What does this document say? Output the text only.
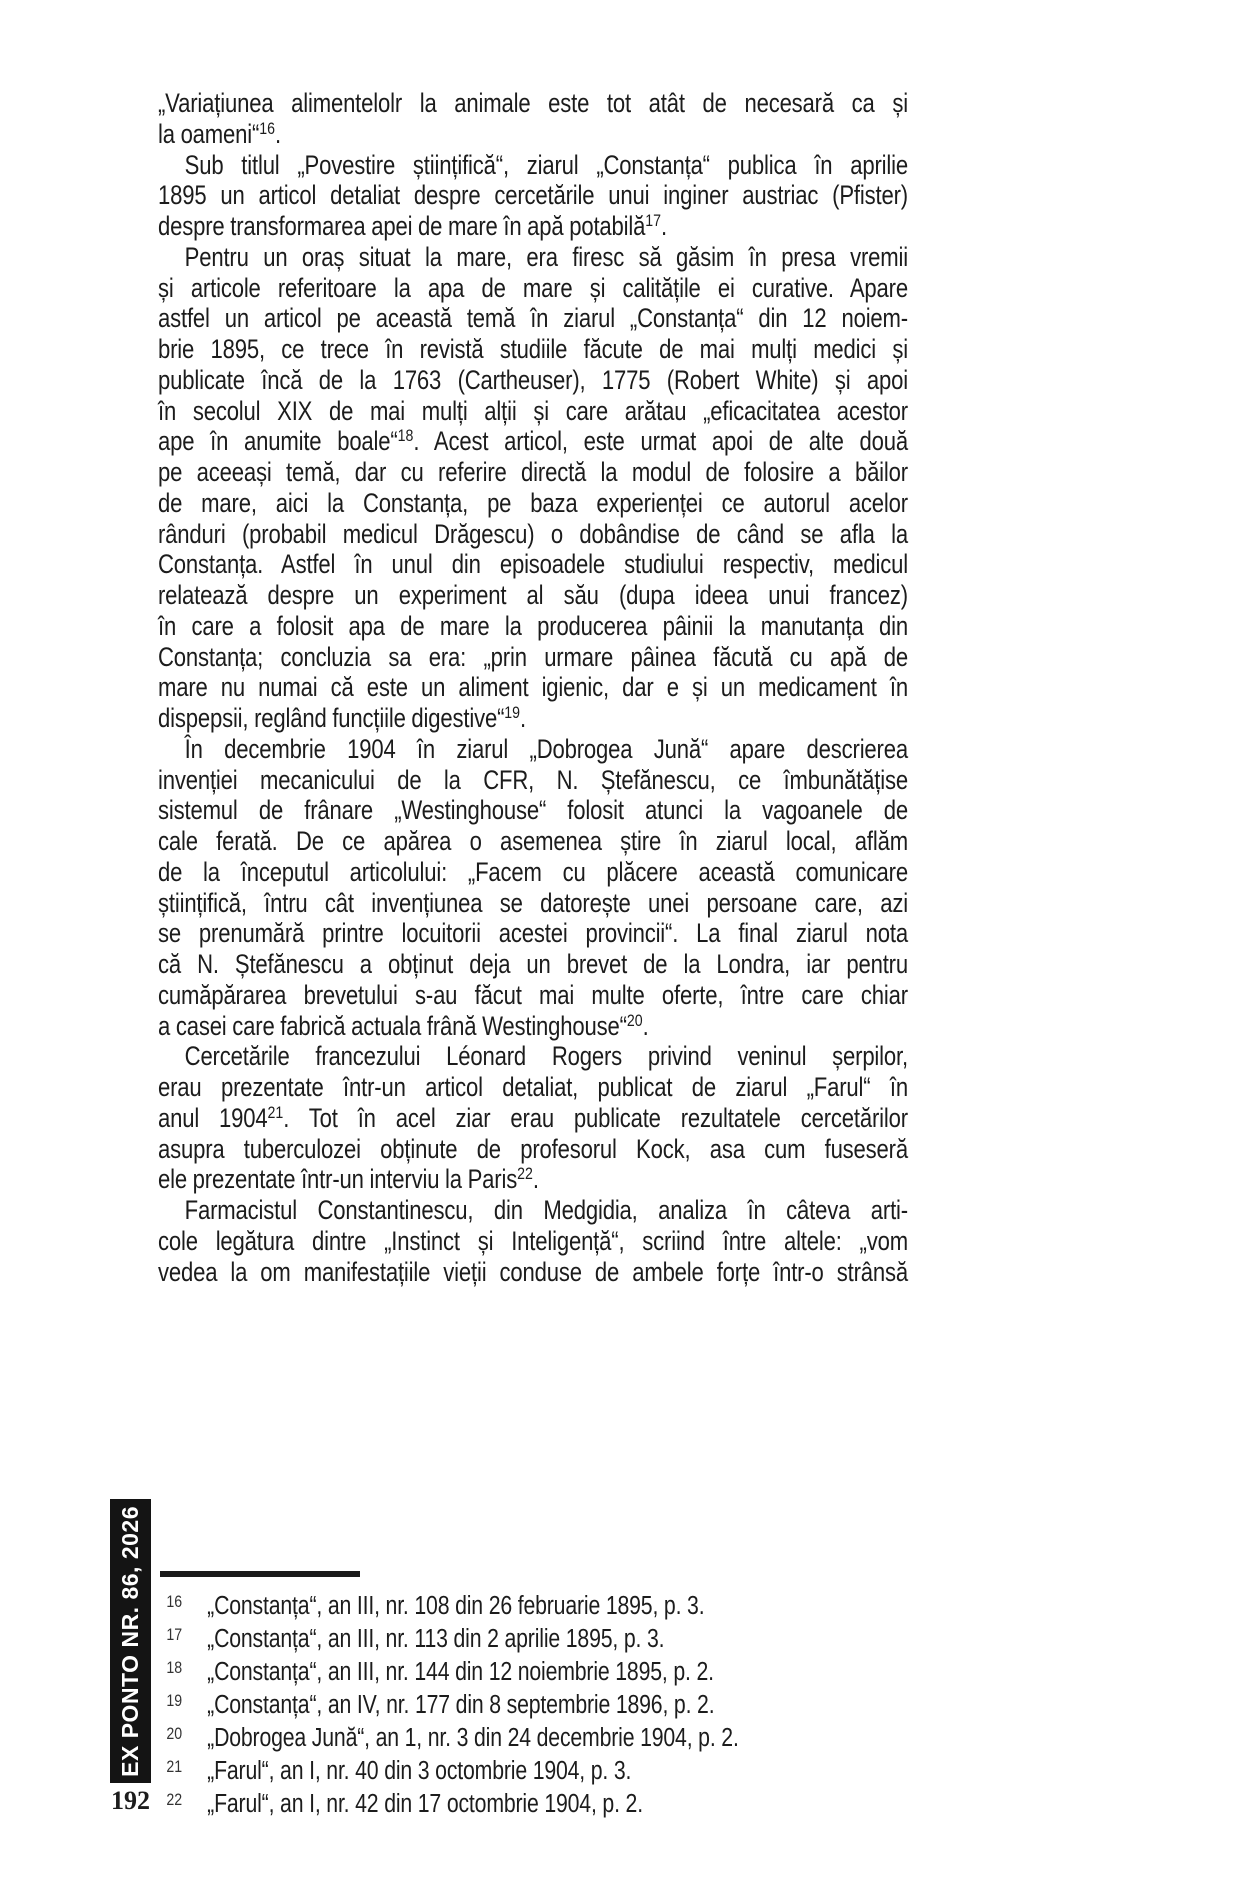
„Variațiunea alimentelolr la animale este tot atât de necesară ca și
la oameni“$^{16}$.
Sub titlul „Povestire științifică“, ziarul „Constanța“ publica în aprilie
1895 un articol detaliat despre cercetările unui inginer austriac (Pfister)
despre transformarea apei de mare în apă potabilă$^{17}$.
Pentru un oraș situat la mare, era firesc să găsim în presa vremii
și articole referitoare la apa de mare și calitățile ei curative. Apare
astfel un articol pe această temă în ziarul „Constanța“ din 12 noiem-
brie 1895, ce trece în revistă studiile făcute de mai mulți medici și
publicate încă de la 1763 (Cartheuser), 1775 (Robert White) și apoi
în secolul XIX de mai mulți alții și care arătau „eficacitatea acestor
ape în anumite boale“$^{18}$. Acest articol, este urmat apoi de alte două
pe aceeași temă, dar cu referire directă la modul de folosire a băilor
de mare, aici la Constanța, pe baza experienței ce autorul acelor
rânduri (probabil medicul Drăgescu) o dobândise de când se afla la
Constanța. Astfel în unul din episoadele studiului respectiv, medicul
relatează despre un experiment al său (dupa ideea unui francez)
în care a folosit apa de mare la producerea pâinii la manutanța din
Constanța; concluzia sa era: „prin urmare pâinea făcută cu apă de
mare nu numai că este un aliment igienic, dar e și un medicament în
dispepsii, reglând funcțiile digestive“$^{19}$.
În decembrie 1904 în ziarul „Dobrogea Jună“ apare descrierea
invenției mecanicului de la CFR, N. Ștefănescu, ce îmbunătățise
sistemul de frânare „Westinghouse“ folosit atunci la vagoanele de
cale ferată. De ce apărea o asemenea știre în ziarul local, aflăm
de la începutul articolului: „Facem cu plăcere această comunicare
științifică, întru cât invențiunea se datorește unei persoane care, azi
se prenumără printre locuitorii acestei provincii“. La final ziarul nota
că N. Ștefănescu a obținut deja un brevet de la Londra, iar pentru
cumăpărarea brevetului s-au făcut mai multe oferte, între care chiar
a casei care fabrică actuala frână Westinghouse“$^{20}$.
Cercetările francezului Léonard Rogers privind veninul șerpilor,
erau prezentate într-un articol detaliat, publicat de ziarul „Farul“ în
anul 1904$^{21}$. Tot în acel ziar erau publicate rezultatele cercetărilor
asupra tuberculozei obținute de profesorul Kock, asa cum fuseseră
ele prezentate într-un interviu la Paris$^{22}$.
Farmacistul Constantinescu, din Medgidia, analiza în câteva arti-
cole legătura dintre „Instinct și Inteligență“, scriind între altele: „vom
vedea la om manifestațiile vieții conduse de ambele forțe într-o strânsă
$^{16}$ „Constanța“, an III, nr. 108 din 26 februarie 1895, p. 3.
$^{17}$ „Constanța“, an III, nr. 113 din 2 aprilie 1895, p. 3.
$^{18}$ „Constanța“, an III, nr. 144 din 12 noiembrie 1895, p. 2.
$^{19}$ „Constanța“, an IV, nr. 177 din 8 septembrie 1896, p. 2.
$^{20}$ „Dobrogea Jună“, an 1, nr. 3 din 24 decembrie 1904, p. 2.
$^{21}$ „Farul“, an I, nr. 40 din 3 octombrie 1904, p. 3.
$^{22}$ „Farul“, an I, nr. 42 din 17 octombrie 1904, p. 2.
EX PONTO NR. 86, 2026
192
